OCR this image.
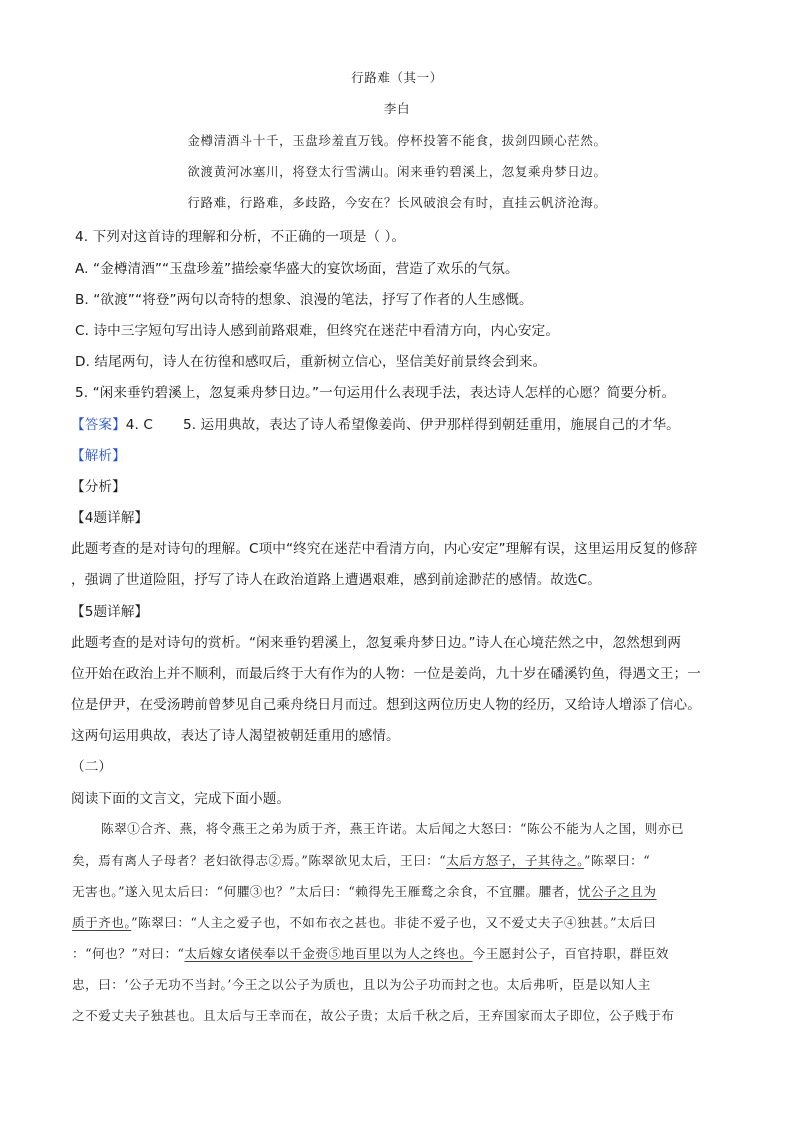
行路难（其一）
李白
金樽清酒斗十千，玉盘珍羞直万钱。停杯投箸不能食，拔剑四顾心茫然。
欲渡黄河冰塞川，将登太行雪满山。闲来垂钓碧溪上，忽复乘舟梦日边。
行路难，行路难，多歧路，今安在？长风破浪会有时，直挂云帆济沧海。
4. 下列对这首诗的理解和分析，不正确的一项是（ ）。
A. “金樽清酒”“玉盘珍羞”描绘豪华盛大的宴饮场面，营造了欢乐的气氛。
B. “欲渡”“将登”两句以奇特的想象、浪漫的笔法，抒写了作者的人生感慨。
C. 诗中三字短句写出诗人感到前路艰难，但终究在迷茫中看清方向，内心安定。
D. 结尾两句，诗人在彷徨和感叹后，重新树立信心，坚信美好前景终会到来。
5. “闲来垂钓碧溪上，忽复乘舟梦日边。”一句运用什么表现手法，表达诗人怎样的心愿？简要分析。
【答案】4. C 5. 运用典故，表达了诗人希望像姜尚、伊尹那样得到朝廷重用，施展自己的才华。
【解析】
【分析】
【4题详解】
此题考查的是对诗句的理解。C项中“终究在迷茫中看清方向，内心安定”理解有误，这里运用反复的修辞
，强调了世道险阻，抒写了诗人在政治道路上遭遇艰难，感到前途渺茫的感情。故选C。
【5题详解】
此题考查的是对诗句的赏析。“闲来垂钓碧溪上，忽复乘舟梦日边。”诗人在心境茫然之中，忽然想到两
位开始在政治上并不顺利，而最后终于大有作为的人物：一位是姜尚，九十岁在磻溪钓鱼，得遇文王；一
位是伊尹，在受汤聘前曾梦见自己乘舟绕日月而过。想到这两位历史人物的经历，又给诗人增添了信心。
这两句运用典故，表达了诗人渴望被朝廷重用的感情。
（二）
阅读下面的文言文，完成下面小题。
陈翠①合齐、燕，将令燕王之弟为质于齐，燕王许诺。太后闻之大怒曰：“陈公不能为人之国，则亦已
矣，焉有离人子母者？老妇欲得志②焉。”陈翠欲见太后，王曰：“太后方怒子，子其待之。”陈翠曰：“
无害也。”遂入见太后曰：“何臞③也？”太后曰：“赖得先王雁鹜之余食，不宜臞。臞者，忧公子之且为
质于齐也。”陈翠曰：“人主之爱子也，不如布衣之甚也。非徒不爱子也，又不爱丈夫子④独甚。”太后曰
：“何也？”对曰：“太后嫁女诸侯奉以千金赍⑤地百里以为人之终也。今王愿封公子，百官持职，群臣效
忠，曰：‘公子无功不当封。’今王之以公子为质也，且以为公子功而封之也。太后弗听，臣是以知人主
之不爱丈夫子独甚也。且太后与王幸而在，故公子贵；太后千秋之后，王弃国家而太子即位，公子贱于布
